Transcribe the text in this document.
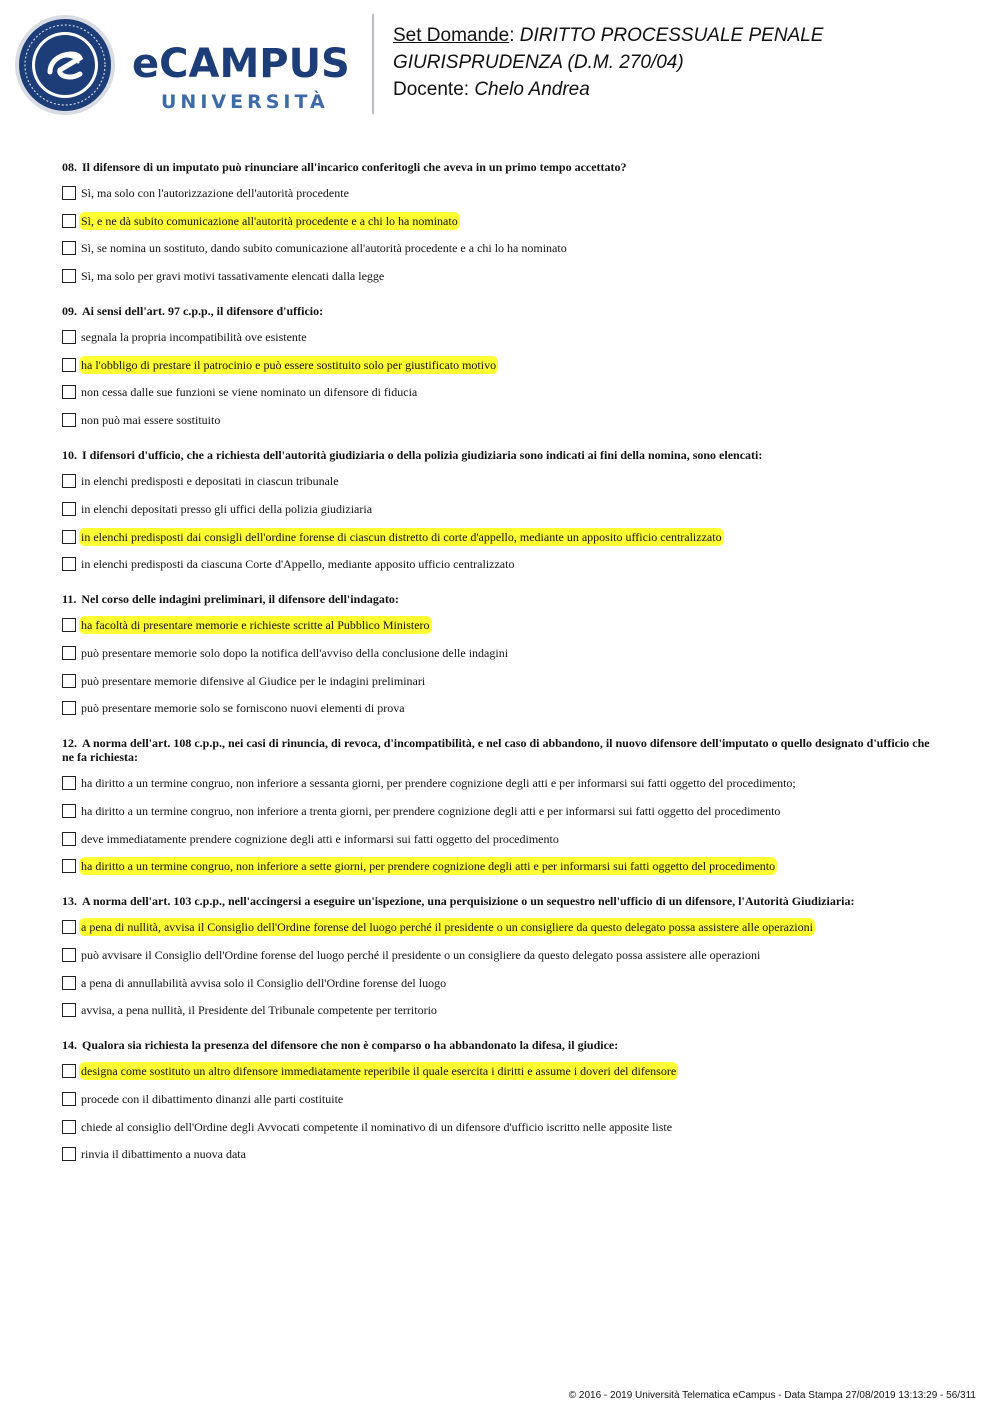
eCAMPUS
UNIVERSITÀ
Set Domande: DIRITTO PROCESSUALE PENALE
GIURISPRUDENZA (D.M. 270/04)
Docente: Chelo Andrea
08. Il difensore di un imputato può rinunciare all'incarico conferitogli che aveva in un primo tempo accettato?
Sì, ma solo con l'autorizzazione dell'autorità procedente
Sì, e ne dà subito comunicazione all'autorità procedente e a chi lo ha nominato
Sì, se nomina un sostituto, dando subito comunicazione all'autorità procedente e a chi lo ha nominato
Sì, ma solo per gravi motivi tassativamente elencati dalla legge
09. Ai sensi dell'art. 97 c.p.p., il difensore d'ufficio:
segnala la propria incompatibilità ove esistente
ha l'obbligo di prestare il patrocinio e può essere sostituito solo per giustificato motivo
non cessa dalle sue funzioni se viene nominato un difensore di fiducia
non può mai essere sostituito
10. I difensori d'ufficio, che a richiesta dell'autorità giudiziaria o della polizia giudiziaria sono indicati ai fini della nomina, sono elencati:
in elenchi predisposti e depositati in ciascun tribunale
in elenchi depositati presso gli uffici della polizia giudiziaria
in elenchi predisposti dai consigli dell'ordine forense di ciascun distretto di corte d'appello, mediante un apposito ufficio centralizzato
in elenchi predisposti da ciascuna Corte d'Appello, mediante apposito ufficio centralizzato
11. Nel corso delle indagini preliminari, il difensore dell'indagato:
ha facoltà di presentare memorie e richieste scritte al Pubblico Ministero
può presentare memorie solo dopo la notifica dell'avviso della conclusione delle indagini
può presentare memorie difensive al Giudice per le indagini preliminari
può presentare memorie solo se forniscono nuovi elementi di prova
12. A norma dell'art. 108 c.p.p., nei casi di rinuncia, di revoca, d'incompatibilità, e nel caso di abbandono, il nuovo difensore dell'imputato o quello designato d'ufficio che ne fa richiesta:
ha diritto a un termine congruo, non inferiore a sessanta giorni, per prendere cognizione degli atti e per informarsi sui fatti oggetto del procedimento;
ha diritto a un termine congruo, non inferiore a trenta giorni, per prendere cognizione degli atti e per informarsi sui fatti oggetto del procedimento
deve immediatamente prendere cognizione degli atti e informarsi sui fatti oggetto del procedimento
ha diritto a un termine congruo, non inferiore a sette giorni, per prendere cognizione degli atti e per informarsi sui fatti oggetto del procedimento
13. A norma dell'art. 103 c.p.p., nell'accingersi a eseguire un'ispezione, una perquisizione o un sequestro nell'ufficio di un difensore, l'Autorità Giudiziaria:
a pena di nullità, avvisa il Consiglio dell'Ordine forense del luogo perché il presidente o un consigliere da questo delegato possa assistere alle operazioni
può avvisare il Consiglio dell'Ordine forense del luogo perché il presidente o un consigliere da questo delegato possa assistere alle operazioni
a pena di annullabilità avvisa solo il Consiglio dell'Ordine forense del luogo
avvisa, a pena nullità, il Presidente del Tribunale competente per territorio
14. Qualora sia richiesta la presenza del difensore che non è comparso o ha abbandonato la difesa, il giudice:
designa come sostituto un altro difensore immediatamente reperibile il quale esercita i diritti e assume i doveri del difensore
procede con il dibattimento dinanzi alle parti costituite
chiede al consiglio dell'Ordine degli Avvocati competente il nominativo di un difensore d'ufficio iscritto nelle apposite liste
rinvia il dibattimento a nuova data
© 2016 - 2019 Università Telematica eCampus - Data Stampa 27/08/2019 13:13:29 - 56/311
